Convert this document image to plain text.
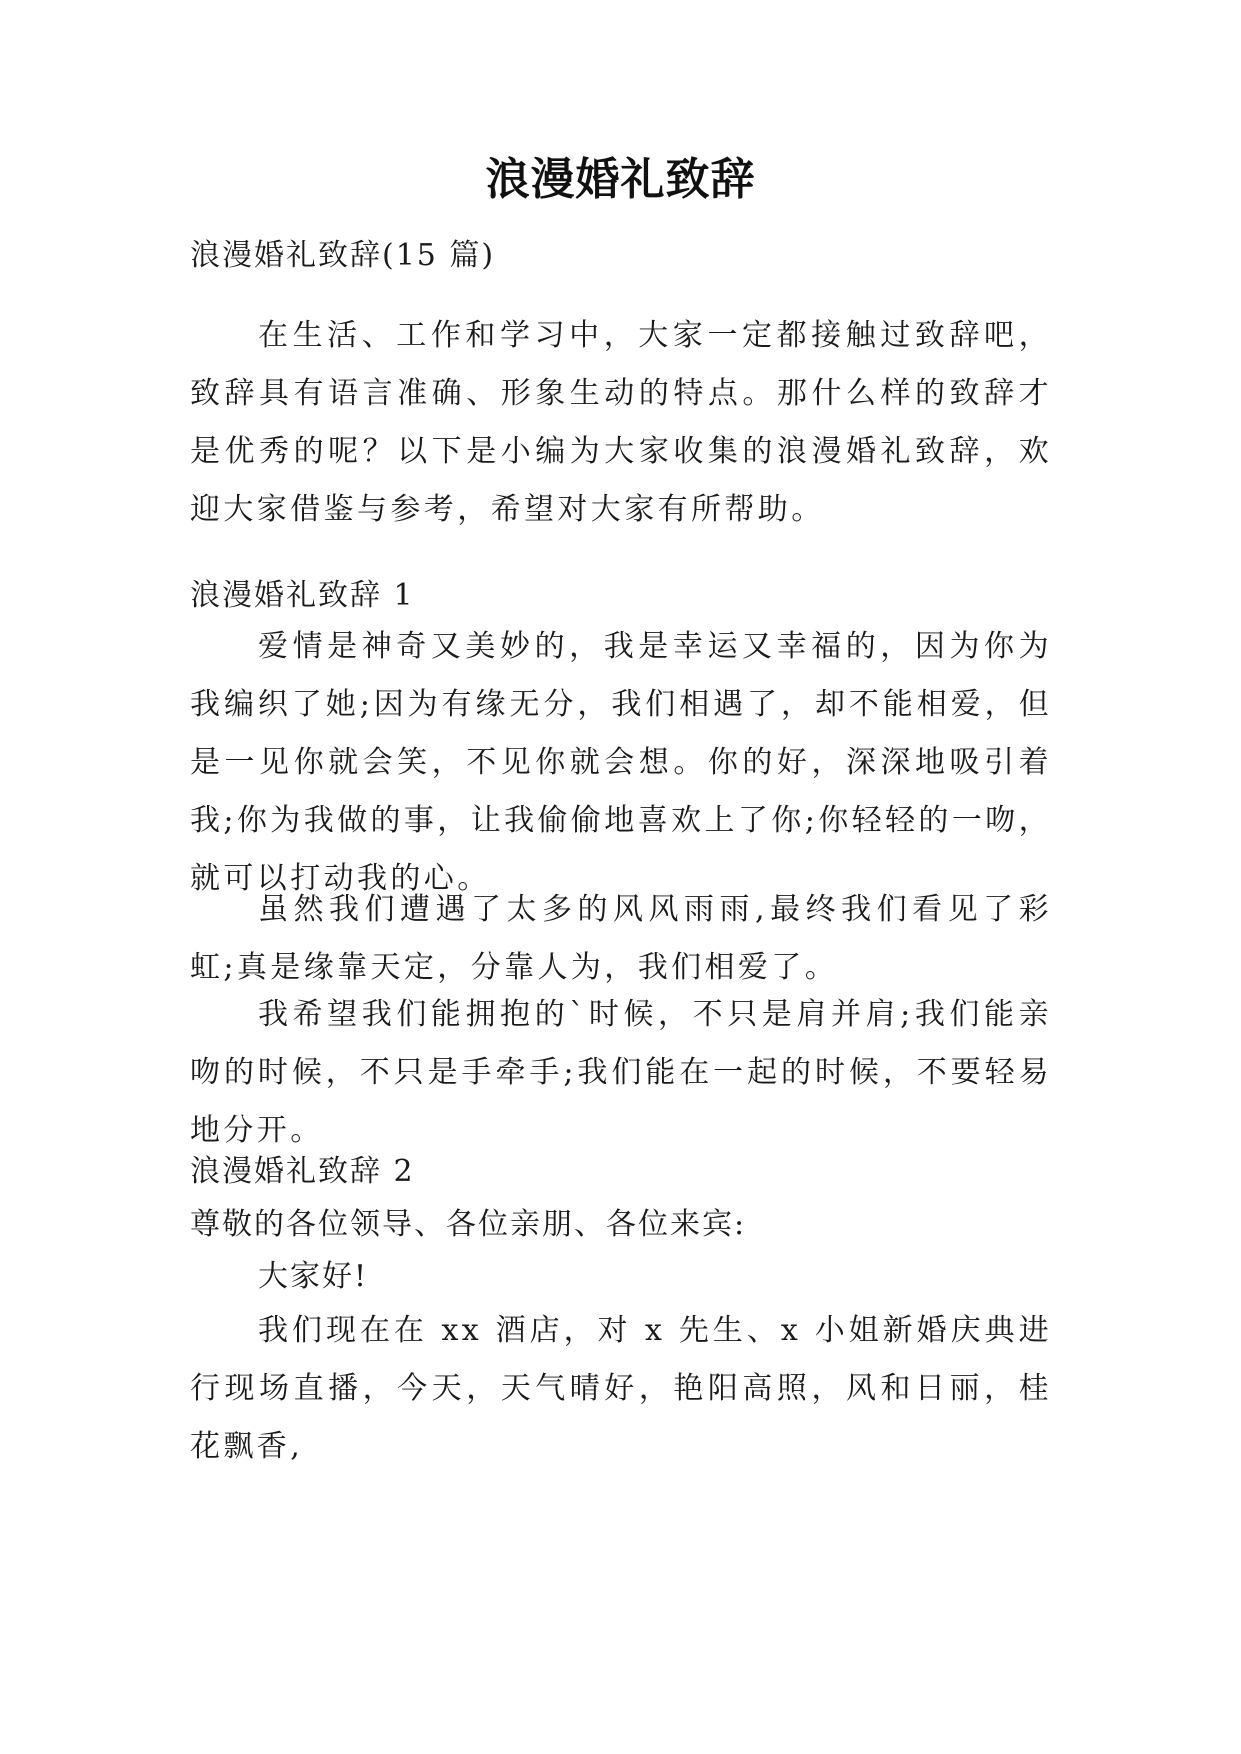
浪漫婚礼致辞
浪漫婚礼致辞(15 篇)

在生活、工作和学习中，大家一定都接触过致辞吧，致辞具有语言准确、形象生动的特点。那什么样的致辞才是优秀的呢？以下是小编为大家收集的浪漫婚礼致辞，欢迎大家借鉴与参考，希望对大家有所帮助。

浪漫婚礼致辞 1

爱情是神奇又美妙的，我是幸运又幸福的，因为你为我编织了她;因为有缘无分，我们相遇了，却不能相爱，但是一见你就会笑，不见你就会想。你的好，深深地吸引着我;你为我做的事，让我偷偷地喜欢上了你;你轻轻的一吻，就可以打动我的心。

虽然我们遭遇了太多的风风雨雨,最终我们看见了彩虹;真是缘靠天定，分靠人为，我们相爱了。

我希望我们能拥抱的`时候，不只是肩并肩;我们能亲吻的时候，不只是手牵手;我们能在一起的时候，不要轻易地分开。

浪漫婚礼致辞 2
尊敬的各位领导、各位亲朋、各位来宾:
大家好!

我们现在在 xx 酒店，对 x 先生、x 小姐新婚庆典进行现场直播，今天，天气晴好，艳阳高照，风和日丽，桂花飘香,
